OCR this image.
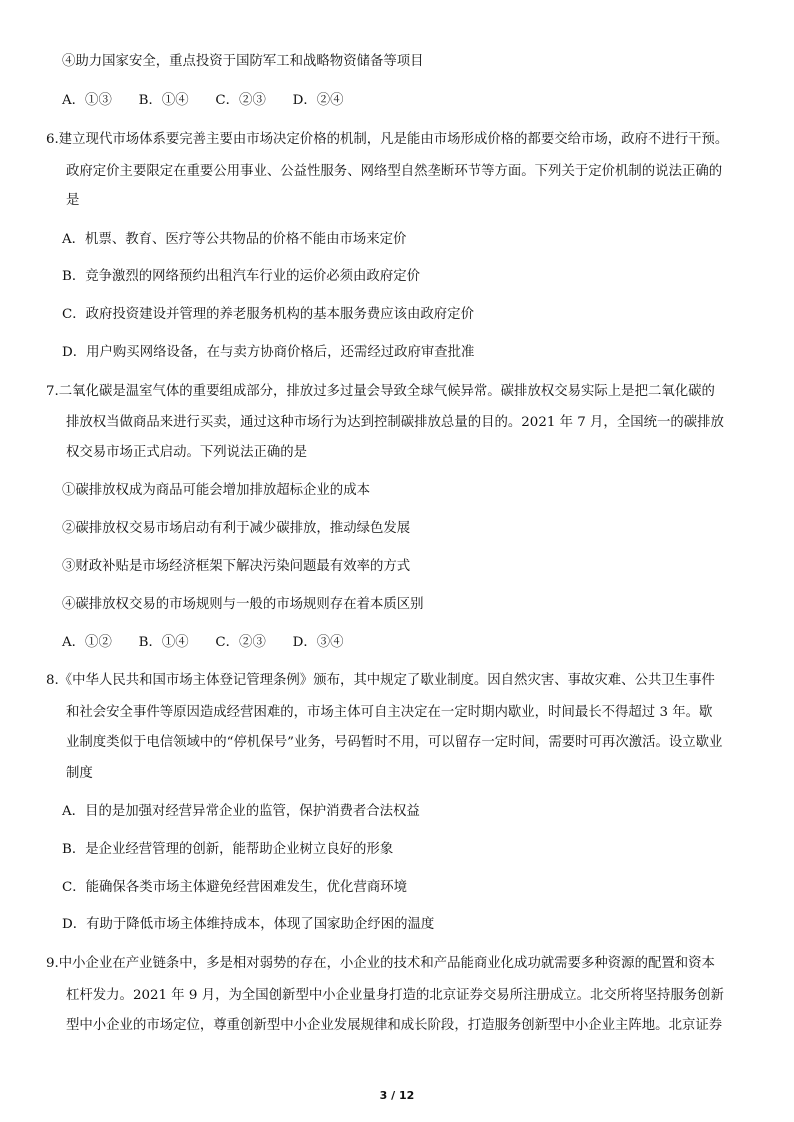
④助力国家安全，重点投资于国防军工和战略物资储备等项目
A．①③　　B．①④　　C．②③　　D．②④
6.建立现代市场体系要完善主要由市场决定价格的机制，凡是能由市场形成价格的都要交给市场，政府不进行干预。
政府定价主要限定在重要公用事业、公益性服务、网络型自然垄断环节等方面。下列关于定价机制的说法正确的
是
A．机票、教育、医疗等公共物品的价格不能由市场来定价
B．竞争激烈的网络预约出租汽车行业的运价必须由政府定价
C．政府投资建设并管理的养老服务机构的基本服务费应该由政府定价
D．用户购买网络设备，在与卖方协商价格后，还需经过政府审查批准
7.二氧化碳是温室气体的重要组成部分，排放过多过量会导致全球气候异常。碳排放权交易实际上是把二氧化碳的
排放权当做商品来进行买卖，通过这种市场行为达到控制碳排放总量的目的。2021 年 7 月，全国统一的碳排放
权交易市场正式启动。下列说法正确的是
①碳排放权成为商品可能会增加排放超标企业的成本
②碳排放权交易市场启动有利于减少碳排放，推动绿色发展
③财政补贴是市场经济框架下解决污染问题最有效率的方式
④碳排放权交易的市场规则与一般的市场规则存在着本质区别
A．①②　　B．①④　　C．②③　　D．③④
8.《中华人民共和国市场主体登记管理条例》颁布，其中规定了歇业制度。因自然灾害、事故灾难、公共卫生事件
和社会安全事件等原因造成经营困难的，市场主体可自主决定在一定时期内歇业，时间最长不得超过 3 年。歇
业制度类似于电信领域中的“停机保号”业务，号码暂时不用，可以留存一定时间，需要时可再次激活。设立歇业
制度
A．目的是加强对经营异常企业的监管，保护消费者合法权益
B．是企业经营管理的创新，能帮助企业树立良好的形象
C．能确保各类市场主体避免经营困难发生，优化营商环境
D．有助于降低市场主体维持成本，体现了国家助企纾困的温度
9.中小企业在产业链条中，多是相对弱势的存在，小企业的技术和产品能商业化成功就需要多种资源的配置和资本
杠杆发力。2021 年 9 月，为全国创新型中小企业量身打造的北京证券交易所注册成立。北交所将坚持服务创新
型中小企业的市场定位，尊重创新型中小企业发展规律和成长阶段，打造服务创新型中小企业主阵地。北京证券
3 / 12
